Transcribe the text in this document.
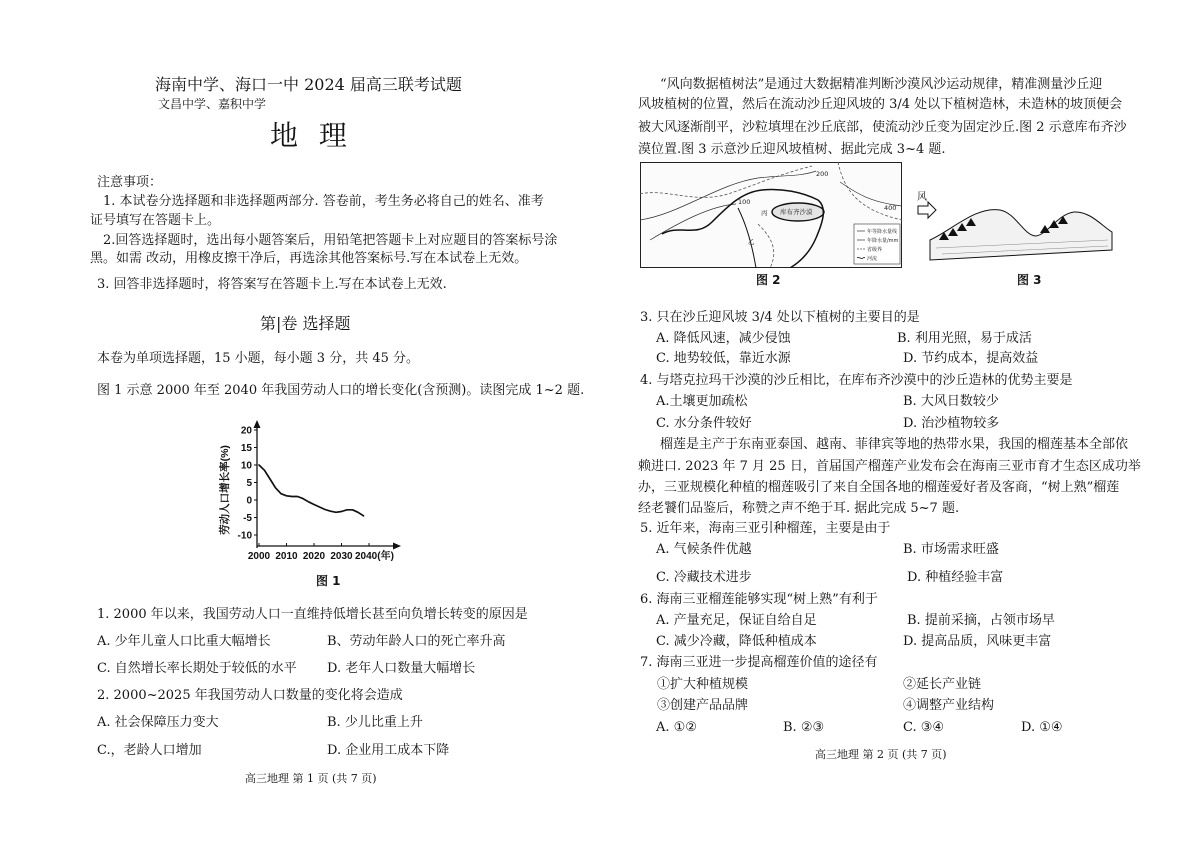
海南中学、海口一中 2024 届高三联考试题
文昌中学、嘉积中学
地 理
注意事项：
1. 本试卷分选择题和非选择题两部分. 答卷前，考生务必将自己的姓名、准考
证号填写在答题卡上。
2.回答选择题时，选出每小题答案后，用铅笔把答题卡上对应题目的答案标号涂
黑。如需 改动，用橡皮擦干净后，再选涂其他答案标号.写在本试卷上无效。
3. 回答非选择题时，将答案写在答题卡上.写在本试卷上无效.
第|卷 选择题
本卷为单项选择题，15 小题，每小题 3 分，共 45 分。
图 1 示意 2000 年至 2040 年我国劳动人口的增长变化(含预测)。读图完成 1~2 题.
劳动人口增长率(%)
20
15
10
5
0
-5
-10
2000 2010 2020 2030 2040(年)
图 1
1. 2000 年以来，我国劳动人口一直维持低增长甚至向负增长转变的原因是
A. 少年儿童人口比重大幅增长	B、劳动年龄人口的死亡率升高
C. 自然增长率长期处于较低的水平 D. 老年人口数量大幅增长
2. 2000~2025 年我国劳动人口数量的变化将会造成
A. 社会保障压力变大	B. 少儿比重上升
C.，老龄人口增加	D. 企业用工成本下降
高三地理 第 1 页 (共 7 页)
“风向数据植树法”是通过大数据精准判断沙漠风沙运动规律，精准测量沙丘迎
风坡植树的位置，然后在流动沙丘迎风坡的 3/4 处以下植树造林，未造林的坡顶便会
被大风逐渐削平，沙粒填埋在沙丘底部，使流动沙丘变为固定沙丘.图 2 示意库布齐沙
漠位置.图 3 示意沙丘迎风坡植树、据此完成 3~4 题.
200
100
400
库布齐沙漠
丙
乙
年等降水量线
年降水量/mm
省级界
河流
图 2
风
图 3
3. 只在沙丘迎风坡 3/4 处以下植树的主要目的是
A. 降低风速，减少侵蚀	B. 利用光照，易于成活
C. 地势较低，靠近水源	D. 节约成本，提高效益
4. 与塔克拉玛干沙漠的沙丘相比，在库布齐沙漠中的沙丘造林的优势主要是
A.土壤更加疏松	B. 大风日数较少
C. 水分条件较好	D. 治沙植物较多
榴莲是主产于东南亚泰国、越南、菲律宾等地的热带水果，我国的榴莲基本全部依
赖进口. 2023 年 7 月 25 日，首届国产榴莲产业发布会在海南三亚市育才生态区成功举
办，三亚规模化种植的榴莲吸引了来自全国各地的榴莲爱好者及客商，“树上熟”榴莲
经老饕们品鉴后，称赞之声不绝于耳. 据此完成 5~7 题.
5. 近年来，海南三亚引种榴莲，主要是由于
A. 气候条件优越	B. 市场需求旺盛
C. 冷藏技术进步	D. 种植经验丰富
6. 海南三亚榴莲能够实现“树上熟”有利于
A. 产量充足，保证自给自足	B. 提前采摘，占领市场早
C. 减少冷藏，降低种植成本	D. 提高品质，风味更丰富
7. 海南三亚进一步提高榴莲价值的途径有
①扩大种植规模	②延长产业链
③创建产品品牌	④调整产业结构
A. ①②	B. ②③	C. ③④	D. ①④
高三地理 第 2 页 (共 7 页)
